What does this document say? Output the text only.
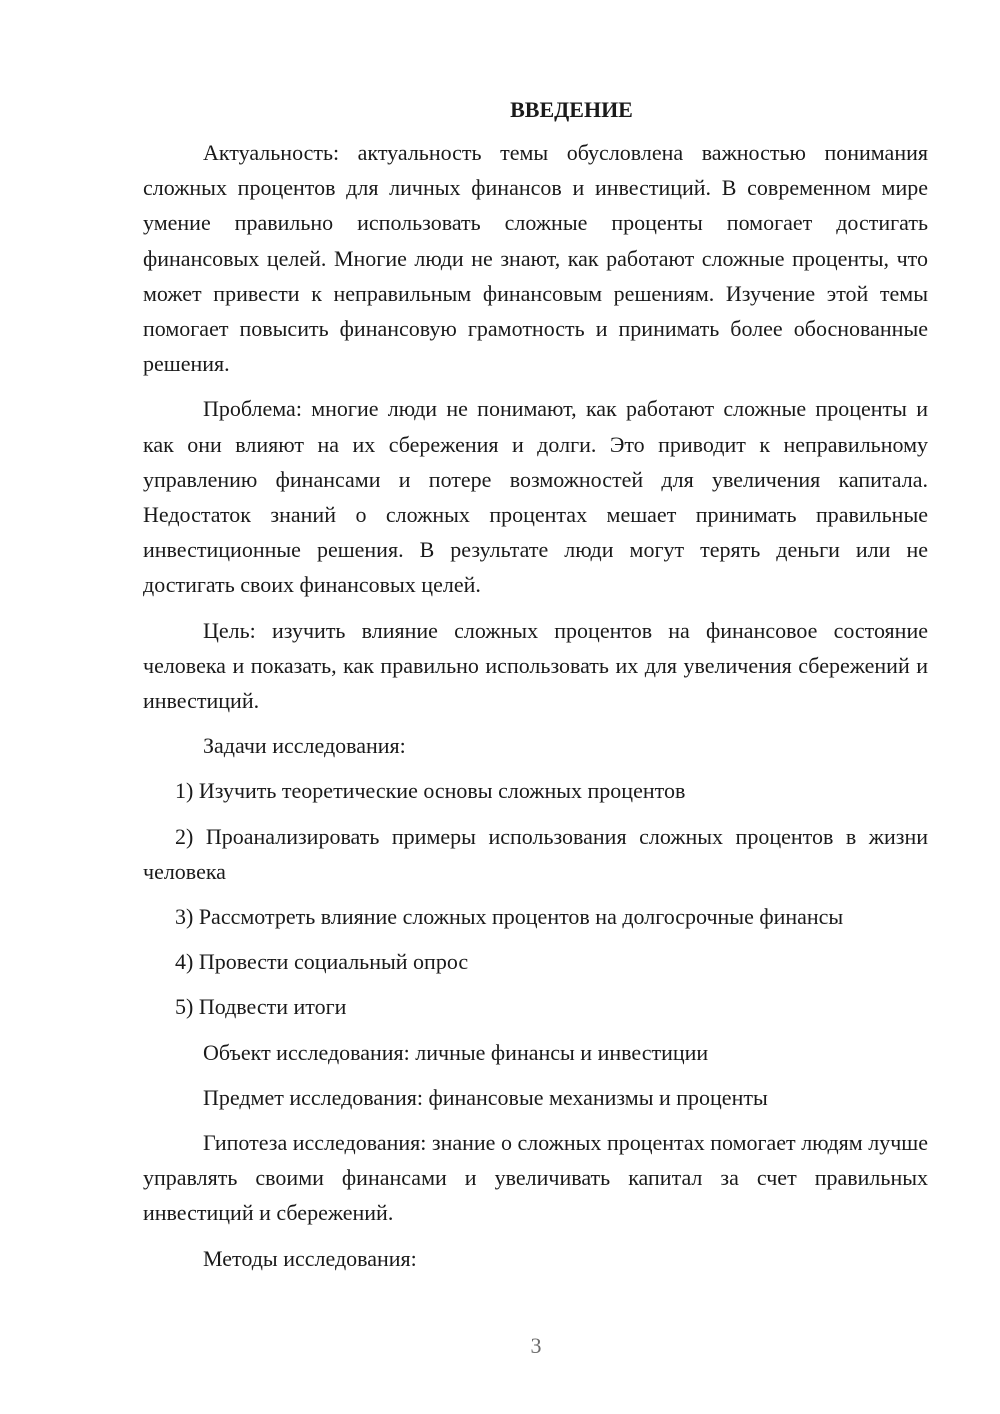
ВВЕДЕНИЕ

Актуальность: актуальность темы обусловлена важностью понимания сложных процентов для личных финансов и инвестиций. В современном мире умение правильно использовать сложные проценты помогает достигать финансовых целей. Многие люди не знают, как работают сложные проценты, что может привести к неправильным финансовым решениям. Изучение этой темы помогает повысить финансовую грамотность и принимать более обоснованные решения.

Проблема: многие люди не понимают, как работают сложные проценты и как они влияют на их сбережения и долги. Это приводит к неправильному управлению финансами и потере возможностей для увеличения капитала. Недостаток знаний о сложных процентах мешает принимать правильные инвестиционные решения. В результате люди могут терять деньги или не достигать своих финансовых целей.

Цель: изучить влияние сложных процентов на финансовое состояние человека и показать, как правильно использовать их для увеличения сбережений и инвестиций.

Задачи исследования:

1) Изучить теоретические основы сложных процентов

2) Проанализировать примеры использования сложных процентов в жизни человека

3) Рассмотреть влияние сложных процентов на долгосрочные финансы

4) Провести социальный опрос

5) Подвести итоги

Объект исследования: личные финансы и инвестиции

Предмет исследования: финансовые механизмы и проценты

Гипотеза исследования: знание о сложных процентах помогает людям лучше управлять своими финансами и увеличивать капитал за счет правильных инвестиций и сбережений.

Методы исследования:

3
